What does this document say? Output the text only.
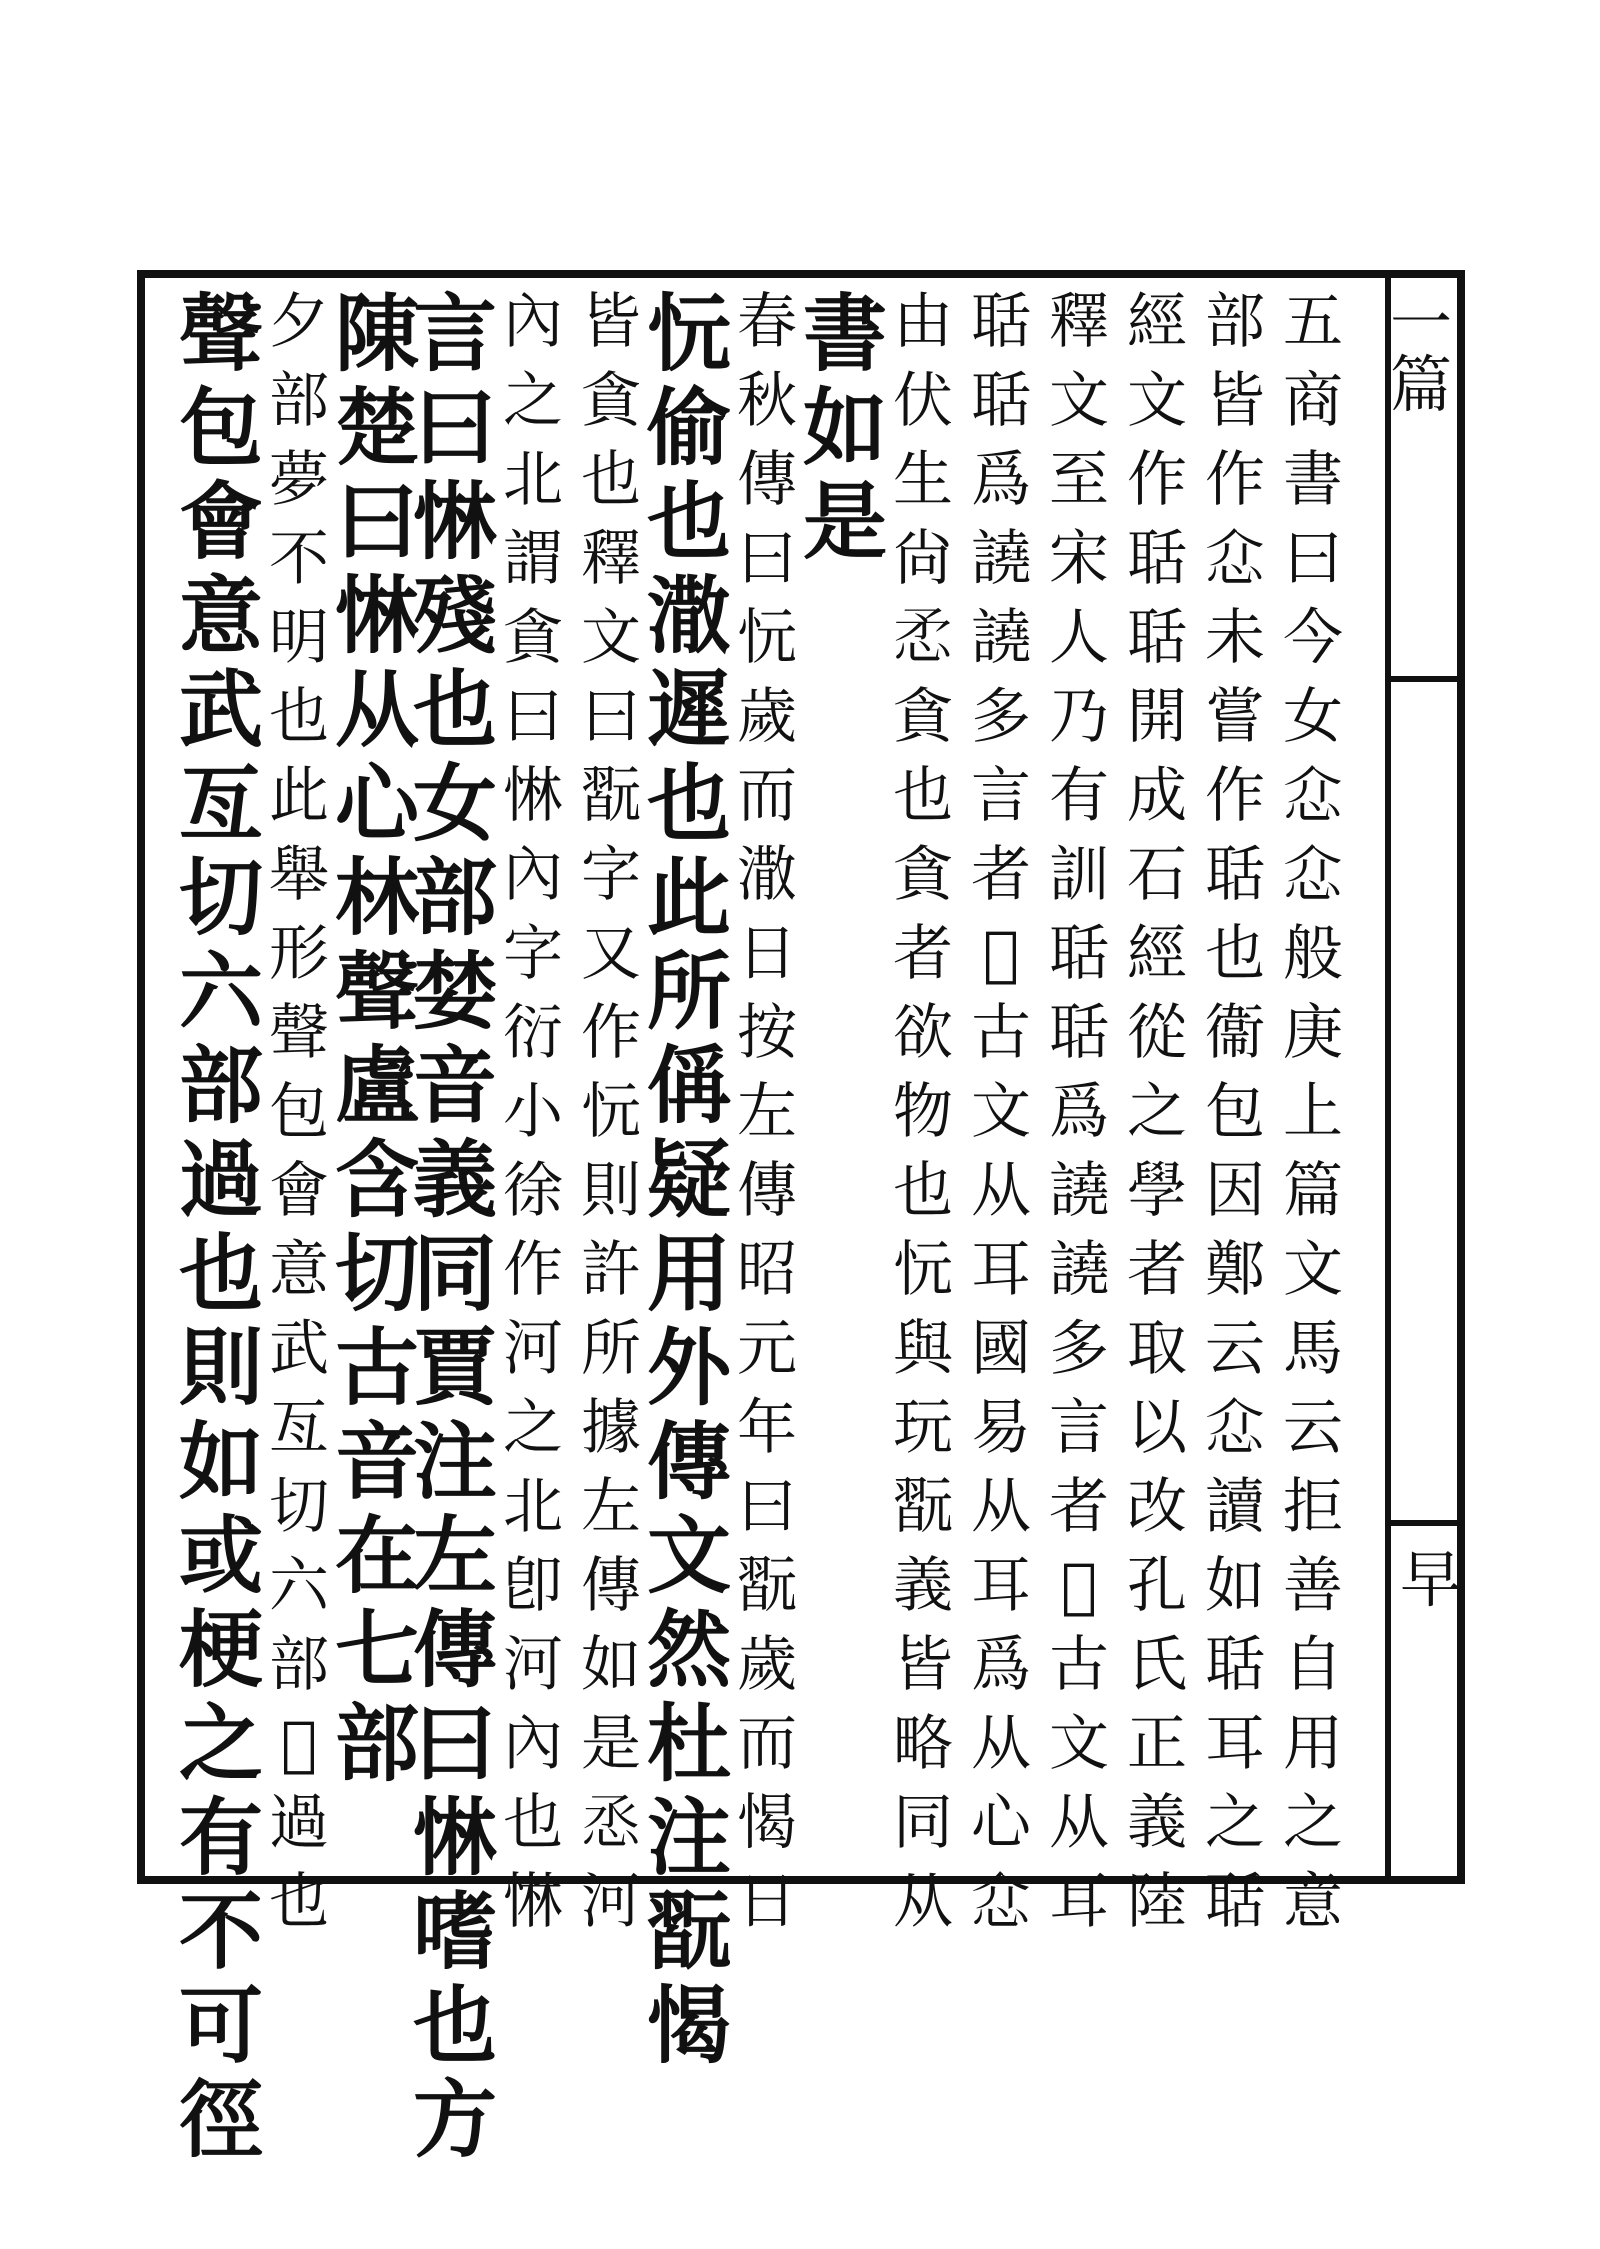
一篇
早
五
商
書
曰
今
女
𢗊
𢗊
般
庚
上
篇
文
馬
云
拒
善
自
用
之
意
部
皆
作
𢗊
未
嘗
作
聒
也
衞
包
因
鄭
云
𢗊
讀
如
聒
耳
之
聒
經
文
作
聒
聒
開
成
石
經
從
之
學
者
取
以
改
孔
氏
正
義
陸
釋
文
至
宋
人
乃
有
訓
聒
聒
爲
譊
譊
多
言
者
𦖞
古
文
从
耳
聒
聒
爲
譊
譊
多
言
者
𦖞
古
文
从
耳
國
易
从
耳
爲
从
心
𢗊
由
伏
生
尙
𢘅
貪
也
貪
者
欲
物
也
忨
與
玩
翫
義
皆
略
同
从
書
如
是
春
秋
傳
曰
忨
歲
而
潵
日
按
左
傳
昭
元
年
曰
翫
歲
而
愒
日
忨
偷
也
潵
遲
也
此
所
偁
疑
用
外
傳
文
然
杜
注
翫
愒
皆
貪
也
釋
文
曰
翫
字
又
作
忨
則
許
所
據
左
傳
如
是
𢙎
河
內
之
北
謂
貪
曰
惏
內
字
衍
小
徐
作
河
之
北
卽
河
內
也
惏
言
曰
惏
殘
也
女
部
婪
音
義
同
賈
注
左
傳
曰
惏
嗜
也
方
陳
楚
曰
惏
从
心
林
聲
盧
含
切
古
音
在
七
部
夕
部
夢
不
明
也
此
舉
形
聲
包
會
意
武
亙
切
六
部
𢡌
過
也
聲
包
會
意
武
亙
切
六
部
過
也
則
如
或
梗
之
有
不
可
徑
